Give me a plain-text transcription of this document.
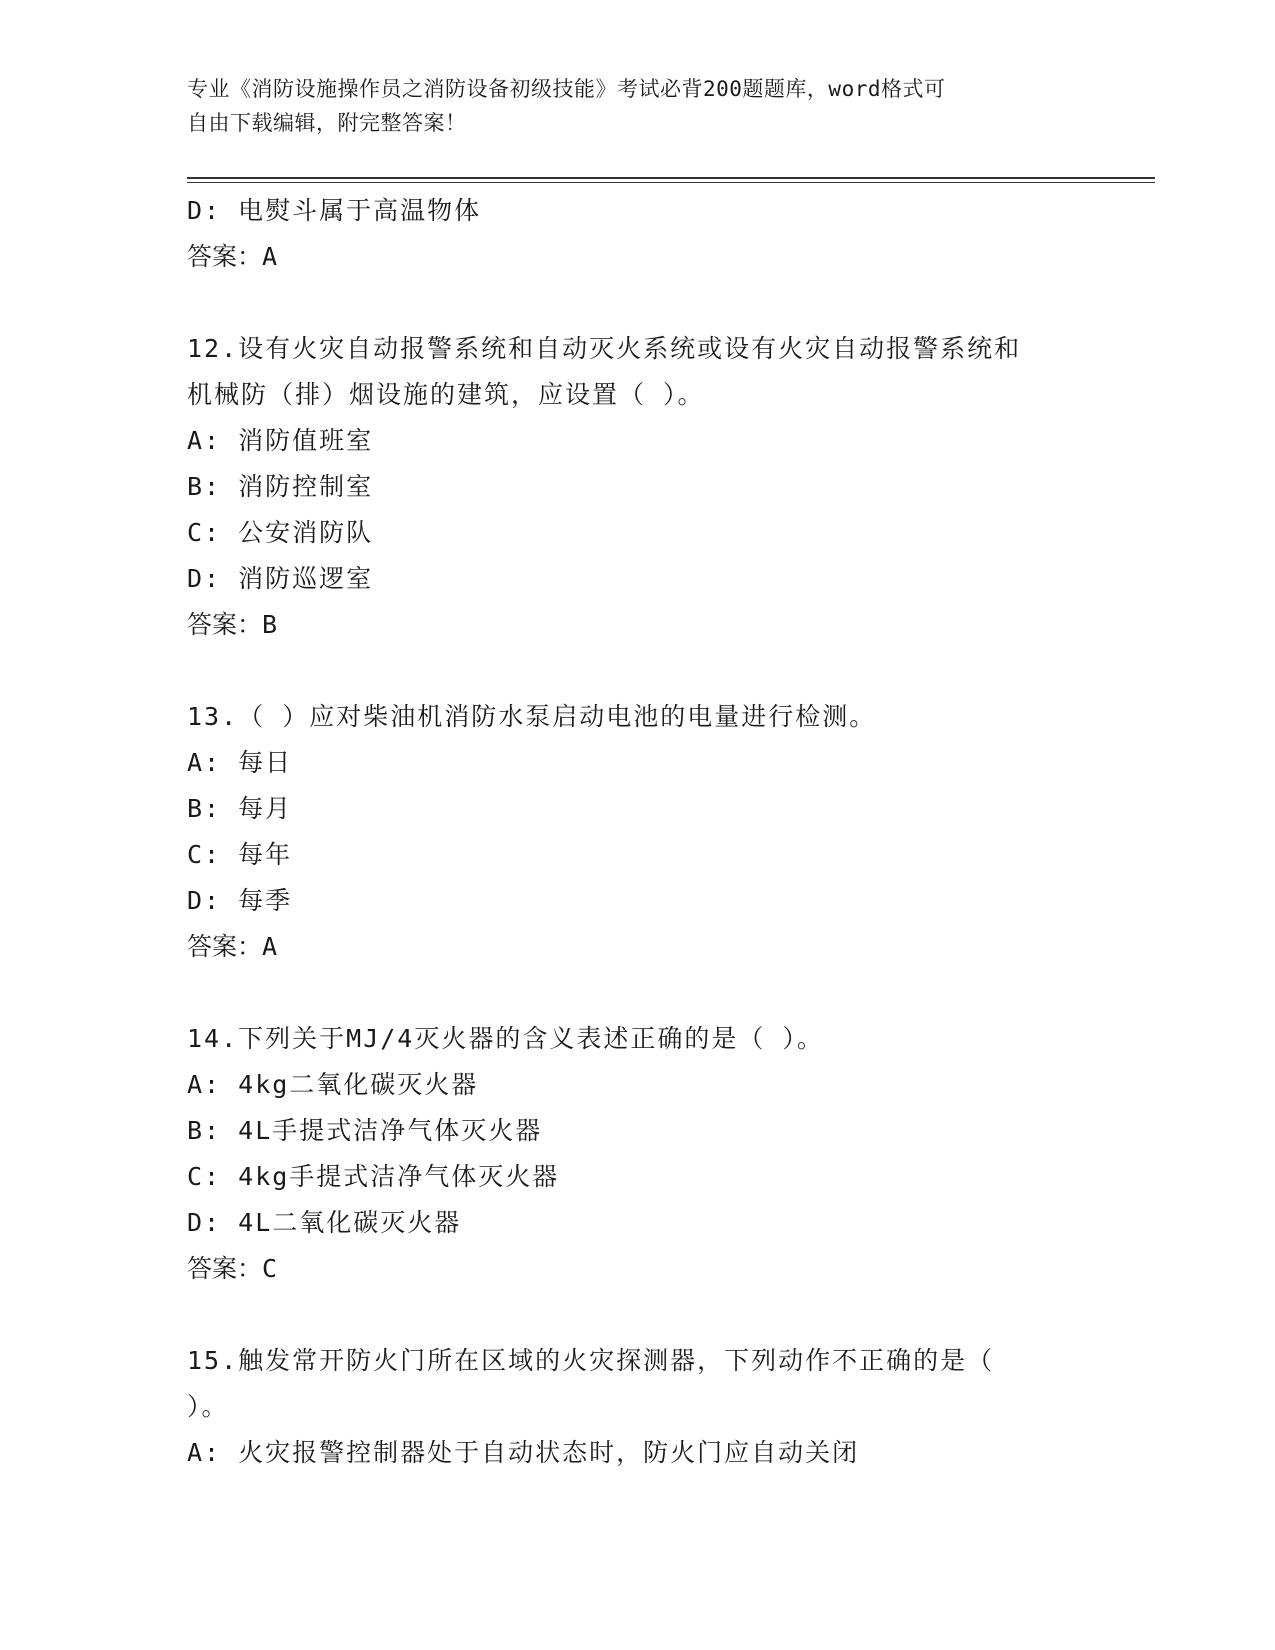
专业《消防设施操作员之消防设备初级技能》考试必背200题题库，word格式可
自由下载编辑，附完整答案！
D: 电熨斗属于高温物体
答案：A
12.设有火灾自动报警系统和自动灭火系统或设有火灾自动报警系统和
机械防（排）烟设施的建筑，应设置（ ）。
A: 消防值班室
B: 消防控制室
C: 公安消防队
D: 消防巡逻室
答案：B
13.（ ）应对柴油机消防水泵启动电池的电量进行检测。
A: 每日
B: 每月
C: 每年
D: 每季
答案：A
14.下列关于MJ/4灭火器的含义表述正确的是（ ）。
A: 4kg二氧化碳灭火器
B: 4L手提式洁净气体灭火器
C: 4kg手提式洁净气体灭火器
D: 4L二氧化碳灭火器
答案：C
15.触发常开防火门所在区域的火灾探测器，下列动作不正确的是（
）。
A: 火灾报警控制器处于自动状态时，防火门应自动关闭
